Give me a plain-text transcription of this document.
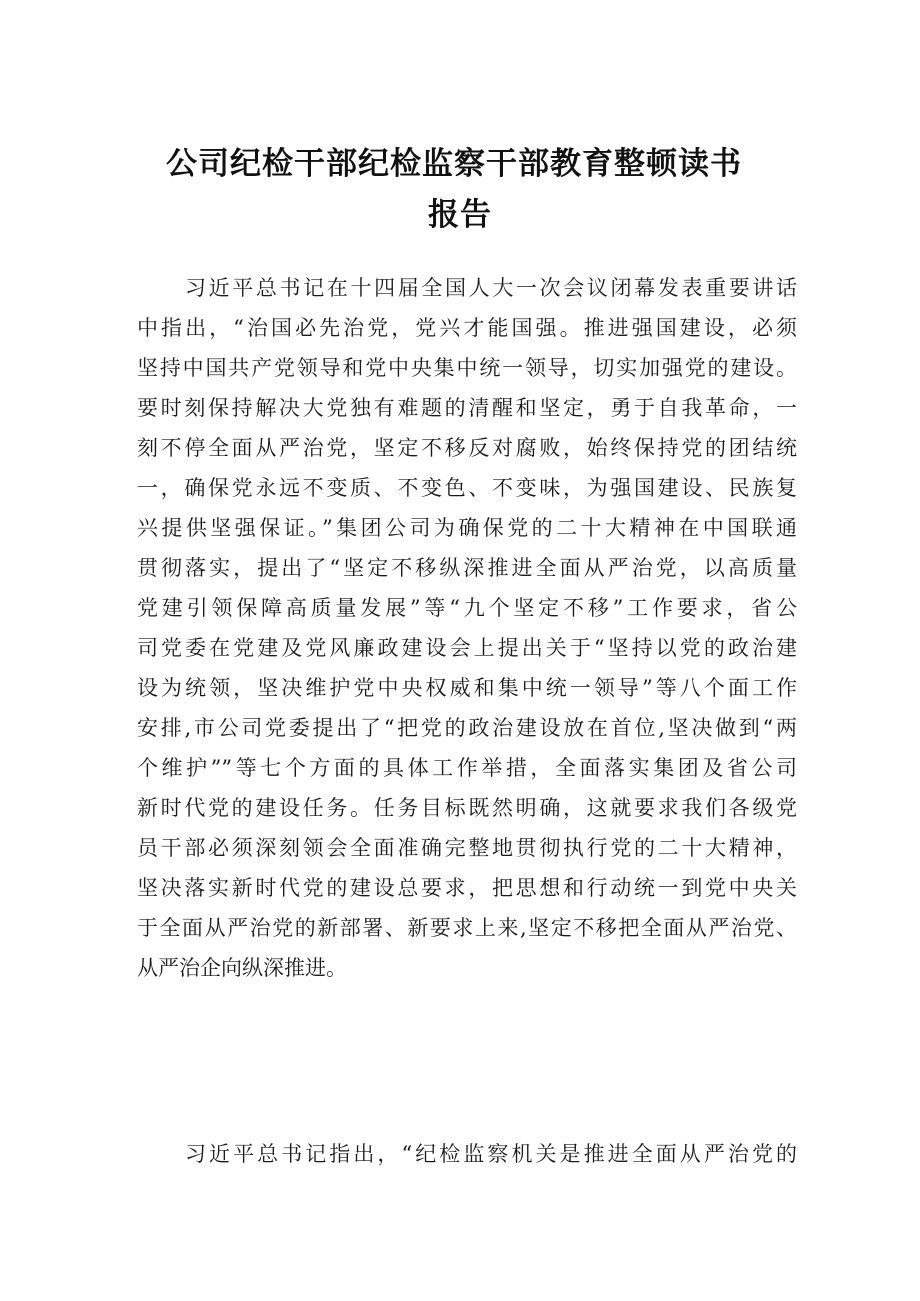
公司纪检干部纪检监察干部教育整顿读书
报告
习近平总书记在十四届全国人大一次会议闭幕发表重要讲话
中指出，“治国必先治党，党兴才能国强。推进强国建设，必须
坚持中国共产党领导和党中央集中统一领导，切实加强党的建设。
要时刻保持解决大党独有难题的清醒和坚定，勇于自我革命，一
刻不停全面从严治党，坚定不移反对腐败，始终保持党的团结统
一，确保党永远不变质、不变色、不变味，为强国建设、民族复
兴提供坚强保证。”集团公司为确保党的二十大精神在中国联通
贯彻落实，提出了“坚定不移纵深推进全面从严治党，以高质量
党建引领保障高质量发展”等“九个坚定不移”工作要求，省公
司党委在党建及党风廉政建设会上提出关于“坚持以党的政治建
设为统领，坚决维护党中央权威和集中统一领导”等八个面工作
安排,市公司党委提出了“把党的政治建设放在首位,坚决做到“两
个维护””等七个方面的具体工作举措，全面落实集团及省公司
新时代党的建设任务。任务目标既然明确，这就要求我们各级党
员干部必须深刻领会全面准确完整地贯彻执行党的二十大精神，
坚决落实新时代党的建设总要求，把思想和行动统一到党中央关
于全面从严治党的新部署、新要求上来,坚定不移把全面从严治党、
从严治企向纵深推进。
习近平总书记指出，“纪检监察机关是推进全面从严治党的
